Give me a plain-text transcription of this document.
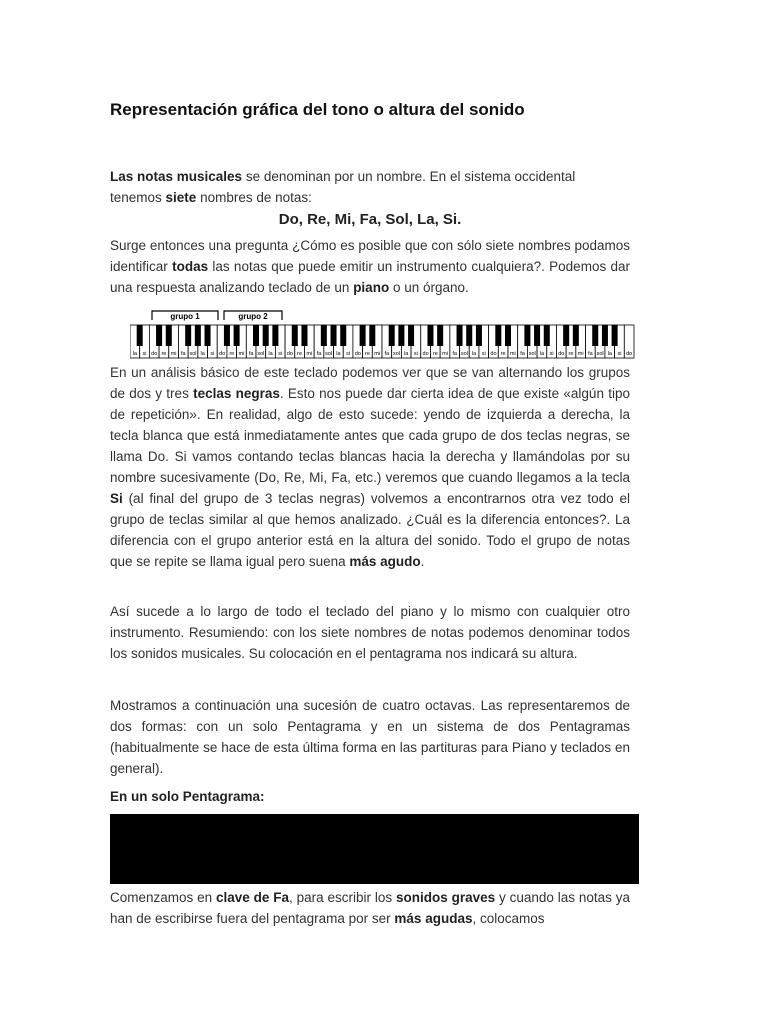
Representación gráfica del tono o altura del sonido
Las notas musicales se denominan por un nombre. En el sistema occidental tenemos siete nombres de notas:
Do, Re, Mi, Fa, Sol, La, Si.
Surge entonces una pregunta ¿Cómo es posible que con sólo siete nombres podamos identificar todas las notas que puede emitir un instrumento cualquiera?. Podemos dar una respuesta analizando teclado de un piano o un órgano.
grupo 1	grupo 2
la si do re mi fa sol la si do re mi fa sol la si do re mi fa sol la si do re mi fa sol la si do re mi fa sol la si do re mi fa sol la si do re mi fa sol la si do
En un análisis básico de este teclado podemos ver que se van alternando los grupos de dos y tres teclas negras. Esto nos puede dar cierta idea de que existe «algún tipo de repetición». En realidad, algo de esto sucede: yendo de izquierda a derecha, la tecla blanca que está inmediatamente antes que cada grupo de dos teclas negras, se llama Do. Si vamos contando teclas blancas hacia la derecha y llamándolas por su nombre sucesivamente (Do, Re, Mi, Fa, etc.) veremos que cuando llegamos a la tecla Si (al final del grupo de 3 teclas negras) volvemos a encontrarnos otra vez todo el grupo de teclas similar al que hemos analizado. ¿Cuál es la diferencia entonces?. La diferencia con el grupo anterior está en la altura del sonido. Todo el grupo de notas que se repite se llama igual pero suena más agudo.
Así sucede a lo largo de todo el teclado del piano y lo mismo con cualquier otro instrumento. Resumiendo: con los siete nombres de notas podemos denominar todos los sonidos musicales. Su colocación en el pentagrama nos indicará su altura.
Mostramos a continuación una sucesión de cuatro octavas. Las representaremos de dos formas: con un solo Pentagrama y en un sistema de dos Pentagramas (habitualmente se hace de esta última forma en las partituras para Piano y teclados en general).
En un solo Pentagrama:
Comenzamos en clave de Fa, para escribir los sonidos graves y cuando las notas ya han de escribirse fuera del pentagrama por ser más agudas, colocamos
